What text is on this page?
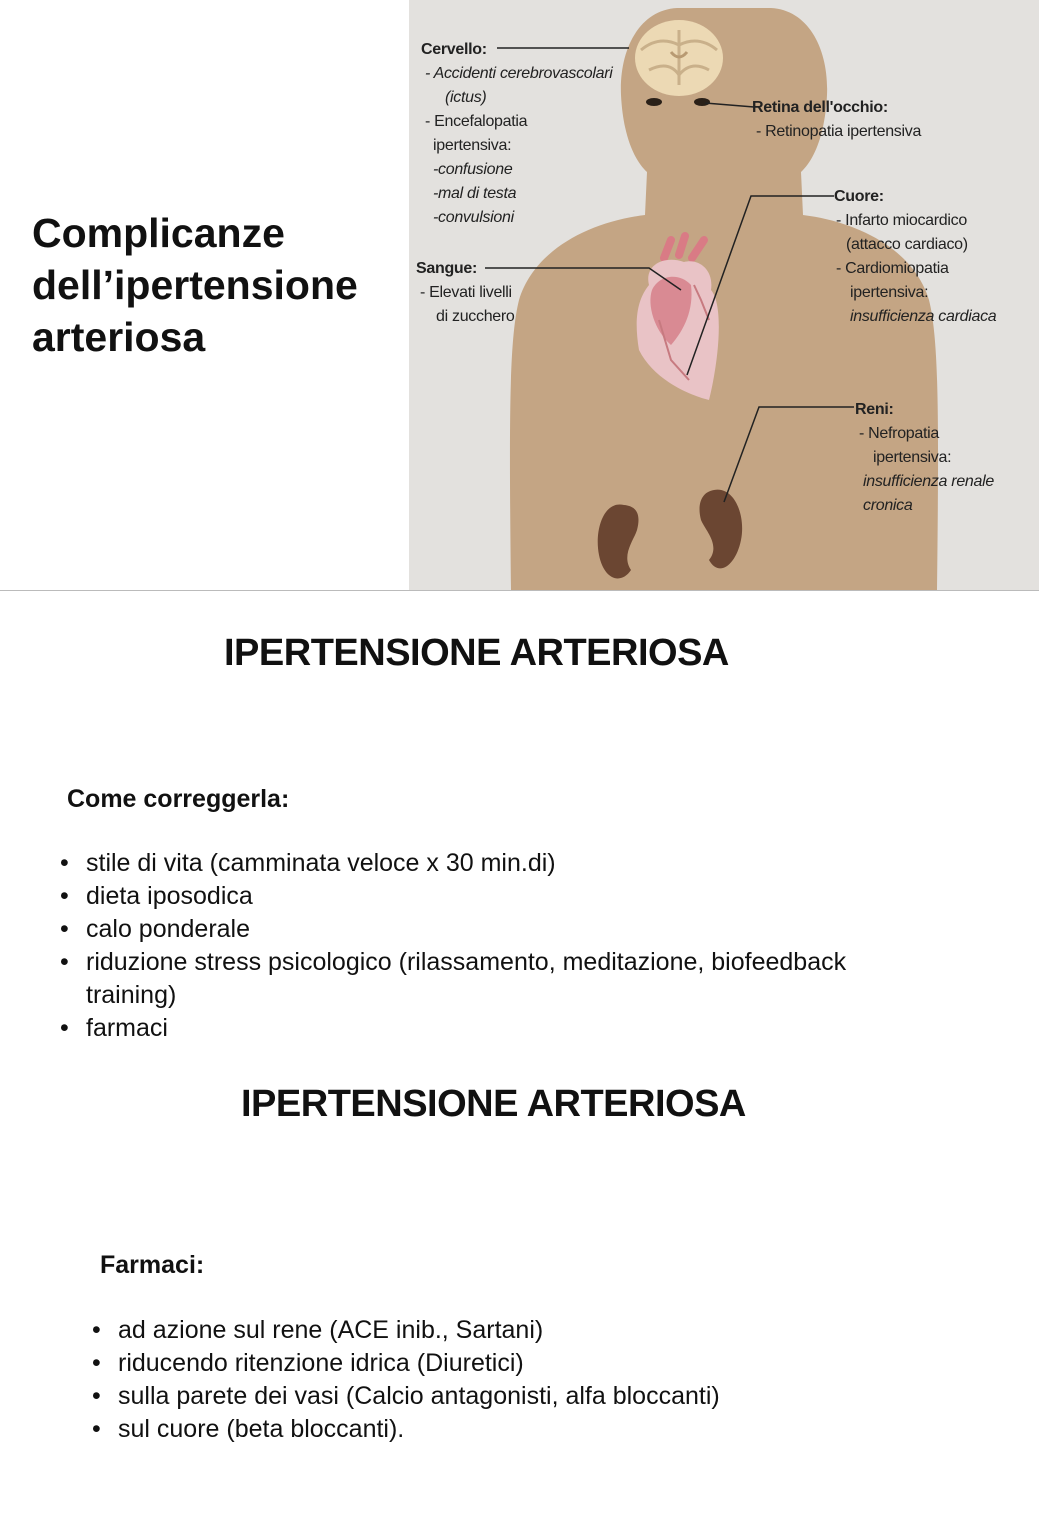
Complicanze
dell’ipertensione
arteriosa
Cervello:
- Accidenti cerebrovascolari
(ictus)
- Encefalopatia
ipertensiva:
-confusione
-mal di testa
-convulsioni
Retina dell'occhio:
- Retinopatia ipertensiva
Cuore:
- Infarto miocardico
(attacco cardiaco)
- Cardiomiopatia
ipertensiva:
insufficienza cardiaca
Sangue:
- Elevati livelli
di zucchero
Reni:
- Nefropatia
ipertensiva:
insufficienza renale
cronica
IPERTENSIONE ARTERIOSA
Come correggerla:
• stile di vita (camminata veloce x 30 min.di)
• dieta iposodica
• calo ponderale
• riduzione stress psicologico (rilassamento, meditazione, biofeedback training)
• farmaci
IPERTENSIONE ARTERIOSA
Farmaci:
• ad azione sul rene (ACE inib., Sartani)
• riducendo ritenzione idrica (Diuretici)
• sulla parete dei vasi (Calcio antagonisti, alfa bloccanti)
• sul cuore (beta bloccanti).
